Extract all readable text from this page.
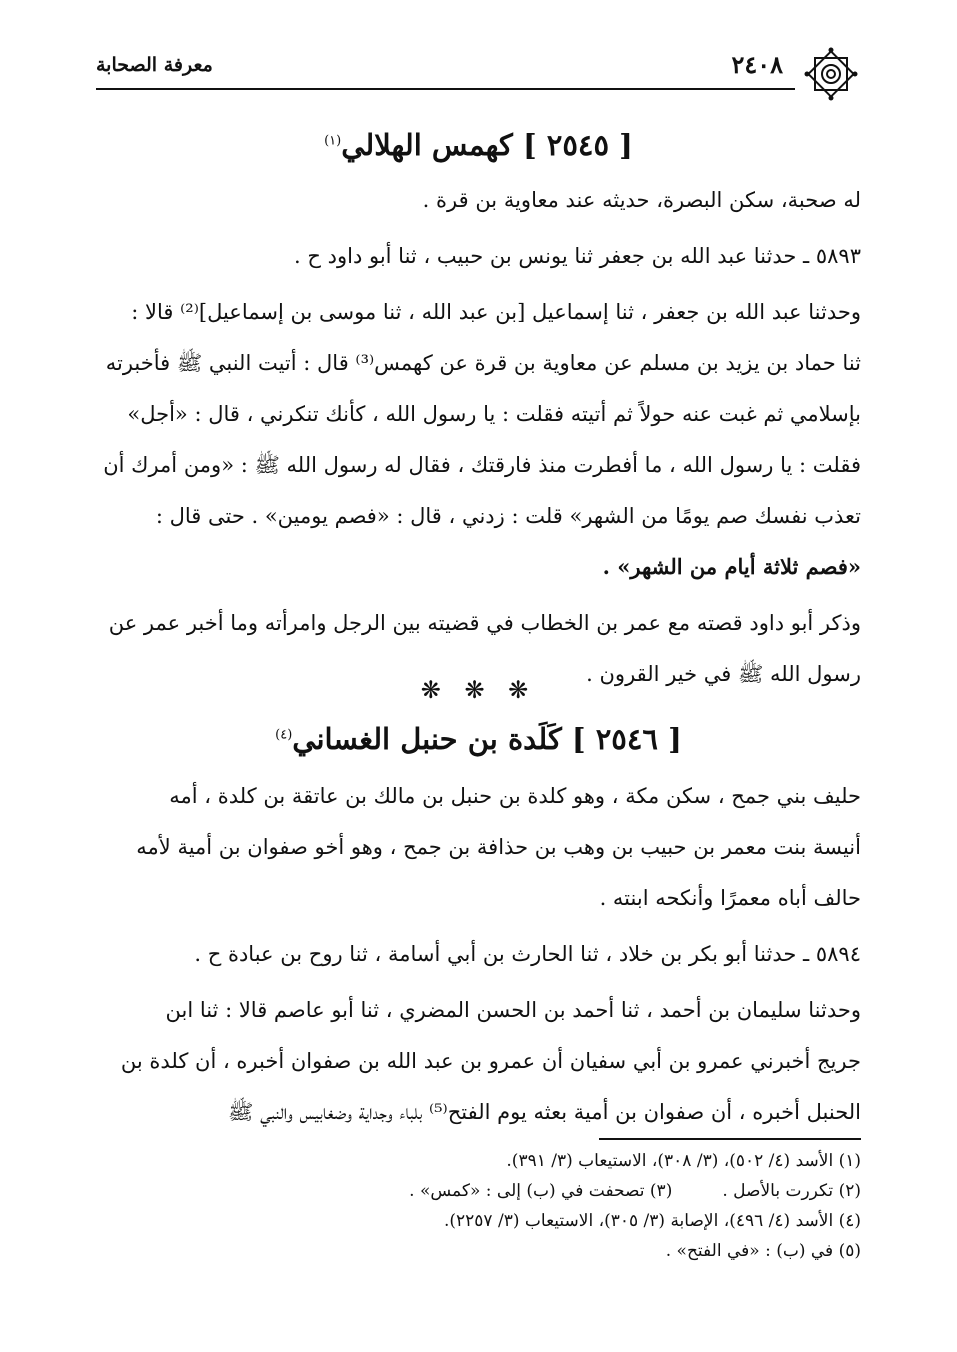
معرفة الصحابة	٢٤٠٨
[ ٢٥٤٥ ] كهمس الهلالي$^{(١)}$
له صحبة، سكن البصرة، حديثه عند معاوية بن قرة .
٥٨٩٣ ـ حدثنا عبد الله بن جعفر ثنا يونس بن حبيب ، ثنا أبو داود ح .
وحدثنا عبد الله بن جعفر ، ثنا إسماعيل [بن عبد الله ، ثنا موسى بن إسماعيل]⁽²⁾ قالا :
ثنا حماد بن يزيد بن مسلم عن معاوية بن قرة عن كهمس⁽³⁾ قال : أتيت النبي ﷺ فأخبرته
بإسلامي ثم غبت عنه حولاً ثم أتيته فقلت : يا رسول الله ، كأنك تنكرني ، قال : «أجل»
فقلت : يا رسول الله ، ما أفطرت منذ فارقتك ، فقال له رسول الله ﷺ : «ومن أمرك أن
تعذب نفسك صم يومًا من الشهر» قلت : زدني ، قال : «فصم يومين» . حتى قال :
«فصم ثلاثة أيام من الشهر» .
وذكر أبو داود قصته مع عمر بن الخطاب في قضيته بين الرجل وامرأته وما أخبر عمر عن
رسول الله ﷺ في خير القرون .
❋ ❋ ❋
[ ٢٥٤٦ ] كَلَدة بن حنبل الغساني$^{(٤)}$
حليف بني جمح ، سكن مكة ، وهو كلدة بن حنبل بن مالك بن عاتقة بن كلدة ، أمه
أنيسة بنت معمر بن حبيب بن وهب بن حذافة بن جمح ، وهو أخو صفوان بن أمية لأمه
حالف أباه معمرًا وأنكحه ابنته .
٥٨٩٤ ـ حدثنا أبو بكر بن خلاد ، ثنا الحارث بن أبي أسامة ، ثنا روح بن عبادة ح .
وحدثنا سليمان بن أحمد ، ثنا أحمد بن الحسن المضري ، ثنا أبو عاصم قالا : ثنا ابن
جريج أخبرني عمرو بن أبي سفيان أن عمرو بن عبد الله بن صفوان أخبره ، أن كلدة بن
الحنبل أخبره ، أن صفوان بن أمية بعثه يوم الفتح⁽⁵⁾ بلباء وجداية وضغابيس والنبي ﷺ
(١) الأسد (٤/ ٥٠٢)، (٣/ ٣٠٨)، الاستيعاب (٣/ ٣٩١).
(٢) تكررت بالأصل .(٣) تصحفت في (ب) إلى : «كمس» .
(٤) الأسد (٤/ ٤٩٦)، الإصابة (٣/ ٣٠٥)، الاستيعاب (٣/ ٢٢٥٧).
(٥) في (ب) : «في الفتح» .
